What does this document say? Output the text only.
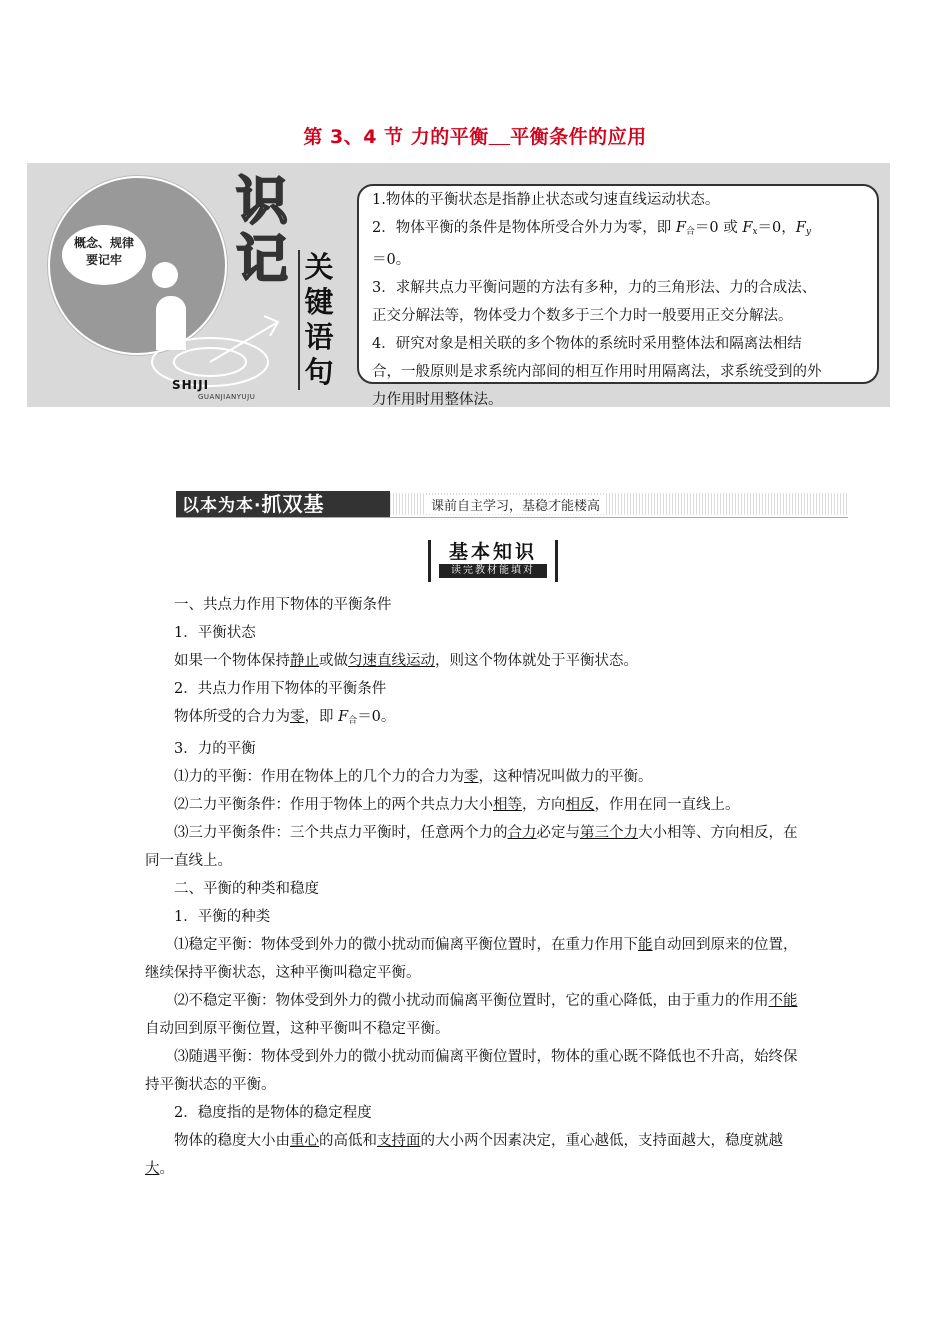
第 3、4 节 力的平衡 平衡条件的应用
概念、规律
要记牢
识
记 关
键
语
句
SHIJI
GUANJIANYUJU

1.物体的平衡状态是指静止状态或匀速直线运动状态。

2．物体平衡的条件是物体所受合外力为零，即 $F_合=0$ 或 $F_x=0$，$F_y=0$。

3．求解共点力平衡问题的方法有多种，力的三角形法、力的合成法、正交分解法等，物体受力个数多于三个力时一般要用正交分解法。

4．研究对象是相关联的多个物体的系统时采用整体法和隔离法相结合，一般原则是求系统内部间的相互作用时用隔离法，求系统受到的外力作用时用整体法。

以本为本·抓双基	课前自主学习，基稳才能楼高
基本知识
读完教材能填对

一、共点力作用下物体的平衡条件

1．平衡状态

如果一个物体保持静止或做匀速直线运动，则这个物体就处于平衡状态。

2．共点力作用下物体的平衡条件

物体所受的合力为零，即 $F_合=0$。

3．力的平衡

⑴力的平衡：作用在物体上的几个力的合力为零，这种情况叫做力的平衡。

⑵二力平衡条件：作用于物体上的两个共点力大小相等，方向相反，作用在同一直线上。

⑶三力平衡条件：三个共点力平衡时，任意两个力的合力必定与第三个力大小相等、方向相反，在同一直线上。

二、平衡的种类和稳度

1．平衡的种类

⑴稳定平衡：物体受到外力的微小扰动而偏离平衡位置时，在重力作用下能自动回到原来的位置，继续保持平衡状态，这种平衡叫稳定平衡。

⑵不稳定平衡：物体受到外力的微小扰动而偏离平衡位置时，它的重心降低，由于重力的作用不能自动回到原平衡位置，这种平衡叫不稳定平衡。

⑶随遇平衡：物体受到外力的微小扰动而偏离平衡位置时，物体的重心既不降低也不升高，始终保持平衡状态的平衡。

2．稳度指的是物体的稳定程度

物体的稳度大小由重心的高低和支持面的大小两个因素决定，重心越低，支持面越大，稳度就越大。
